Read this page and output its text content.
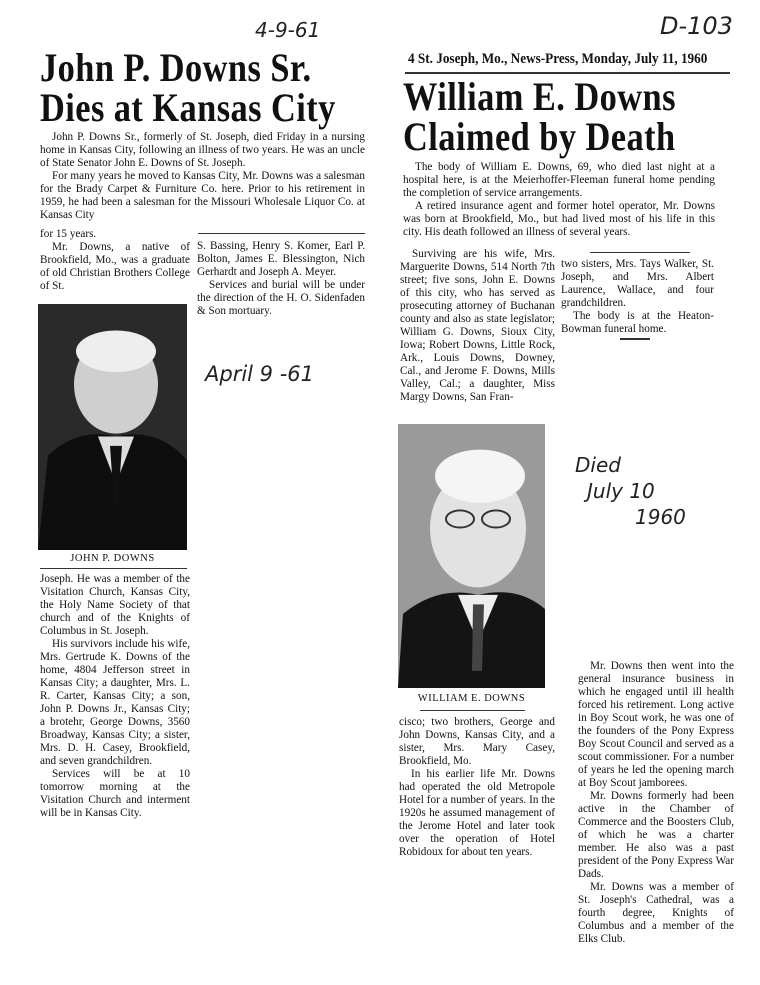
D-103
4-9-61
April 9 -61
Died
July 10
1960
John P. Downs Sr.
Dies at Kansas City

John P. Downs Sr., formerly of St. Joseph, died Friday in a nursing home in Kansas City, following an illness of two years. He was an uncle of State Senator John E. Downs of St. Joseph.

For many years he moved to Kansas City, Mr. Downs was a salesman for the Brady Carpet & Furniture Co. here. Prior to his retirement in 1959, he had been a salesman for the Missouri Wholesale Liquor Co. at Kansas City

for 15 years.

Mr. Downs, a native of Brookfield, Mo., was a graduate of old Christian Brothers College of St.

S. Bassing, Henry S. Komer, Earl P. Bolton, James E. Blessington, Nich Gerhardt and Joseph A. Meyer.

Services and burial will be under the direction of the H. O. Sidenfaden & Son mortuary.

JOHN P. DOWNS

Joseph. He was a member of the Visitation Church, Kansas City, the Holy Name Society of that church and of the Knights of Columbus in St. Joseph.

His survivors include his wife, Mrs. Gertrude K. Downs of the home, 4804 Jefferson street in Kansas City; a daughter, Mrs. L. R. Carter, Kansas City; a son, John P. Downs Jr., Kansas City; a brotehr, George Downs, 3560 Broadway, Kansas City; a sister, Mrs. D. H. Casey, Brookfield, and seven grandchildren.

Services will be at 10 tomorrow morning at the Visitation Church and interment will be in Kansas City.

4 St. Joseph, Mo., News-Press, Monday, July 11, 1960
William E. Downs
Claimed by Death

The body of William E. Downs, 69, who died last night at a hospital here, is at the Meierhoffer-Fleeman funeral home pending the completion of service arrangements.

A retired insurance agent and former hotel operator, Mr. Downs was born at Brookfield, Mo., but had lived most of his life in this city. His death followed an illness of several years.

Surviving are his wife, Mrs. Marguerite Downs, 514 North 7th street; five sons, John E. Downs of this city, who has served as prosecuting attorney of Buchanan county and also as state legislator; William G. Downs, Sioux City, Iowa; Robert Downs, Little Rock, Ark., Louis Downs, Downey, Cal., and Jerome F. Downs, Mills Valley, Cal.; a daughter, Miss Margy Downs, San Fran-

two sisters, Mrs. Tays Walker, St. Joseph, and Mrs. Albert Laurence, Wallace, and four grandchildren.

The body is at the Heaton-Bowman funeral home.

WILLIAM E. DOWNS

cisco; two brothers, George and John Downs, Kansas City, and a sister, Mrs. Mary Casey, Brookfield, Mo.

In his earlier life Mr. Downs had operated the old Metropole Hotel for a number of years. In the 1920s he assumed management of the Jerome Hotel and later took over the operation of Hotel Robidoux for about ten years.

Mr. Downs then went into the general insurance business in which he engaged until ill health forced his retirement. Long active in Boy Scout work, he was one of the founders of the Pony Express Boy Scout Council and served as a scout commissioner. For a number of years he led the opening march at Boy Scout jamborees.

Mr. Downs formerly had been active in the Chamber of Commerce and the Boosters Club, of which he was a charter member. He also was a past president of the Pony Express War Dads.

Mr. Downs was a member of St. Joseph's Cathedral, was a fourth degree, Knights of Columbus and a member of the Elks Club.
